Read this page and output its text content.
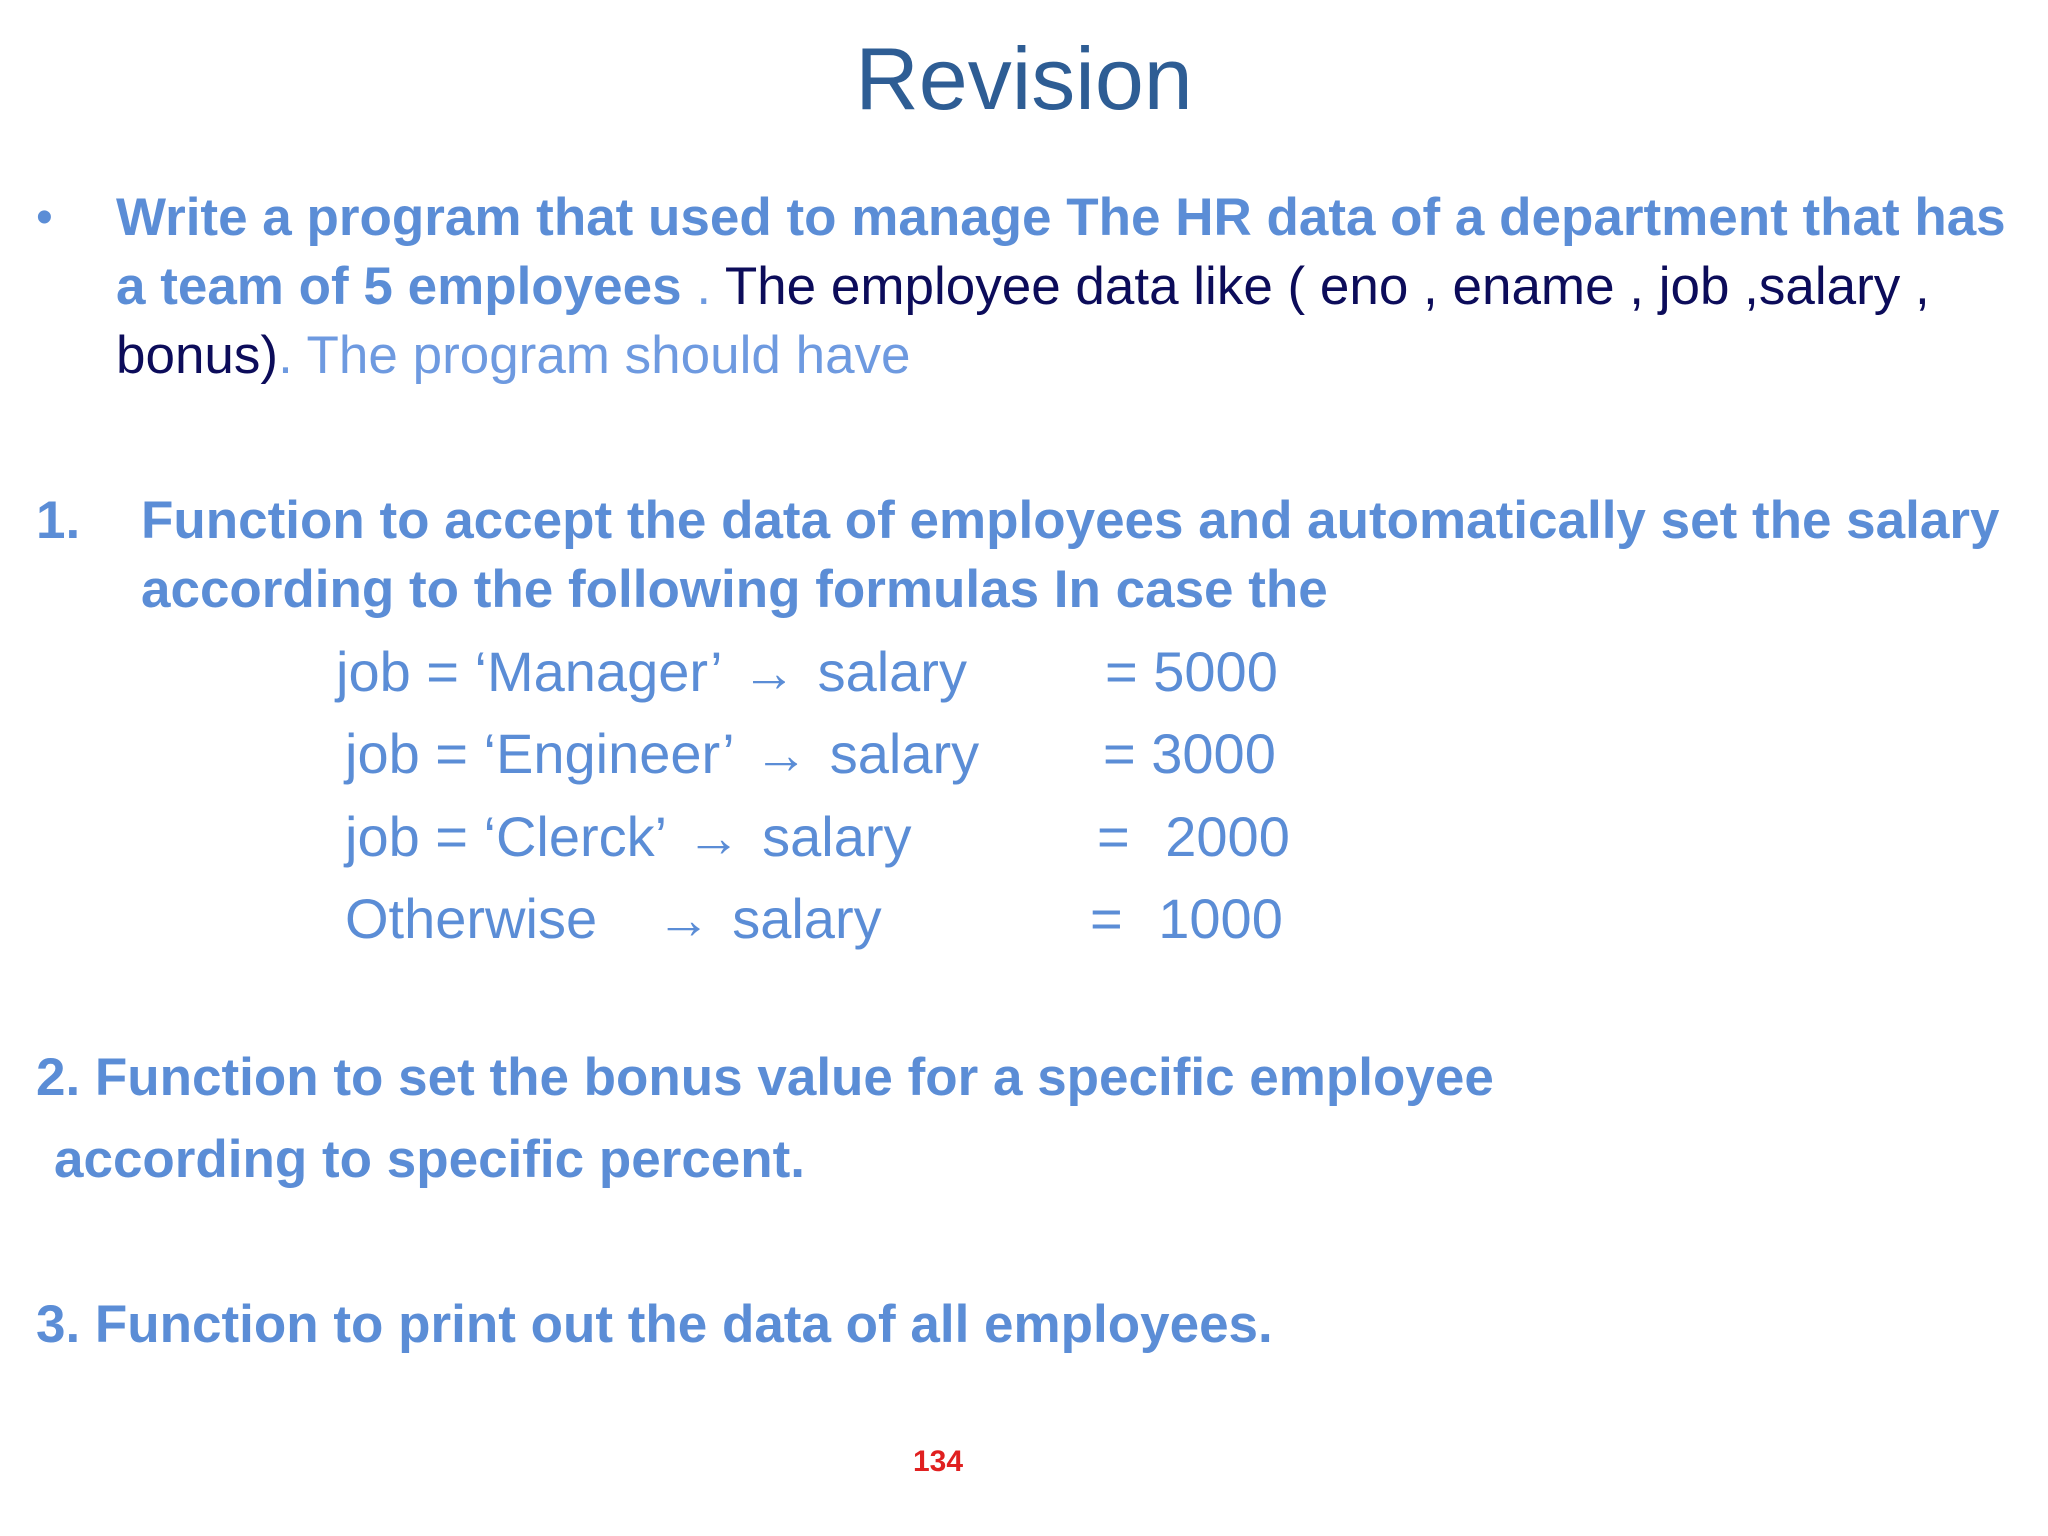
Revision
• Write a program that used to manage The HR data of a department that has a team of 5 employees . The employee data like ( eno , ename , job ,salary , bonus). The program should have
1. Function to accept the data of employees and automatically set the salary according to the following formulas In case the
job = ‘Manager’ → salary = 5000
job = ‘Engineer’ → salary = 3000
job = ‘Clerck’ → salary	= 2000
Otherwise → salary	= 1000
2. Function to set the bonus value for a specific employee
according to specific percent.
3. Function to print out the data of all employees.
134
